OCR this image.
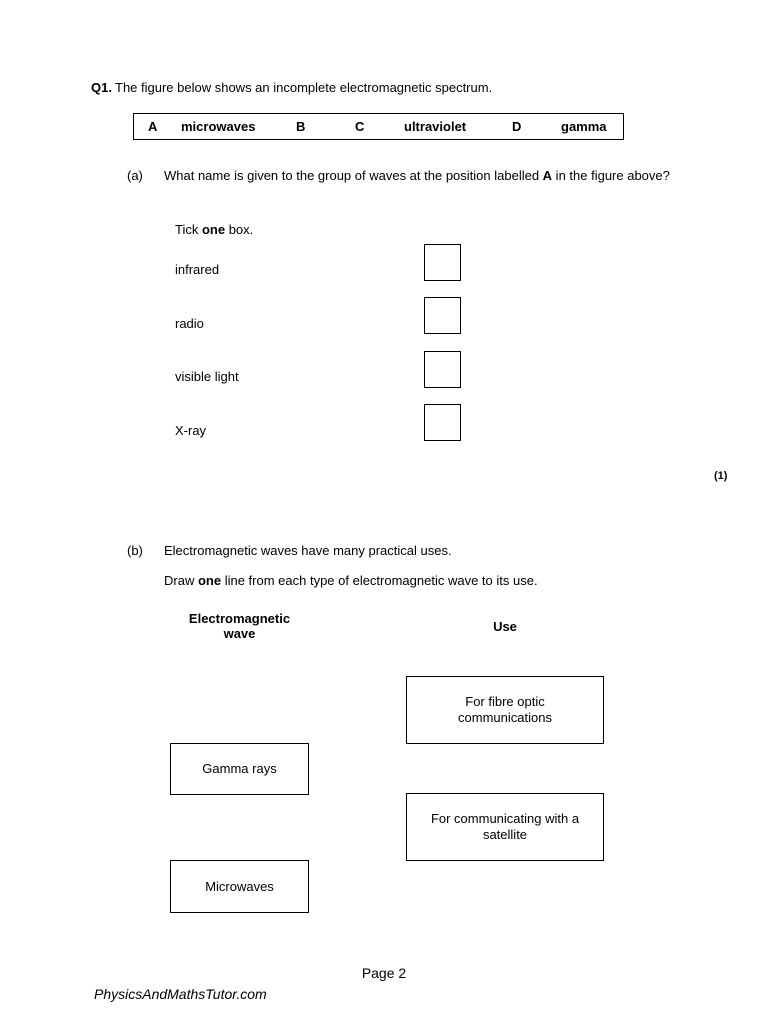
Q1. The figure below shows an incomplete electromagnetic spectrum.
A microwaves	B	C	ultraviolet	D	gamma
(a) What name is given to the group of waves at the position labelled A in the figure above?
Tick one box.
infrared
radio
visible light
X-ray
(1)
(b) Electromagnetic waves have many practical uses.
Draw one line from each type of electromagnetic wave to its use.
Electromagnetic
wave	Use
For fibre optic communications
For communicating with a satellite
Gamma rays
Microwaves
Page 2
PhysicsAndMathsTutor.com
